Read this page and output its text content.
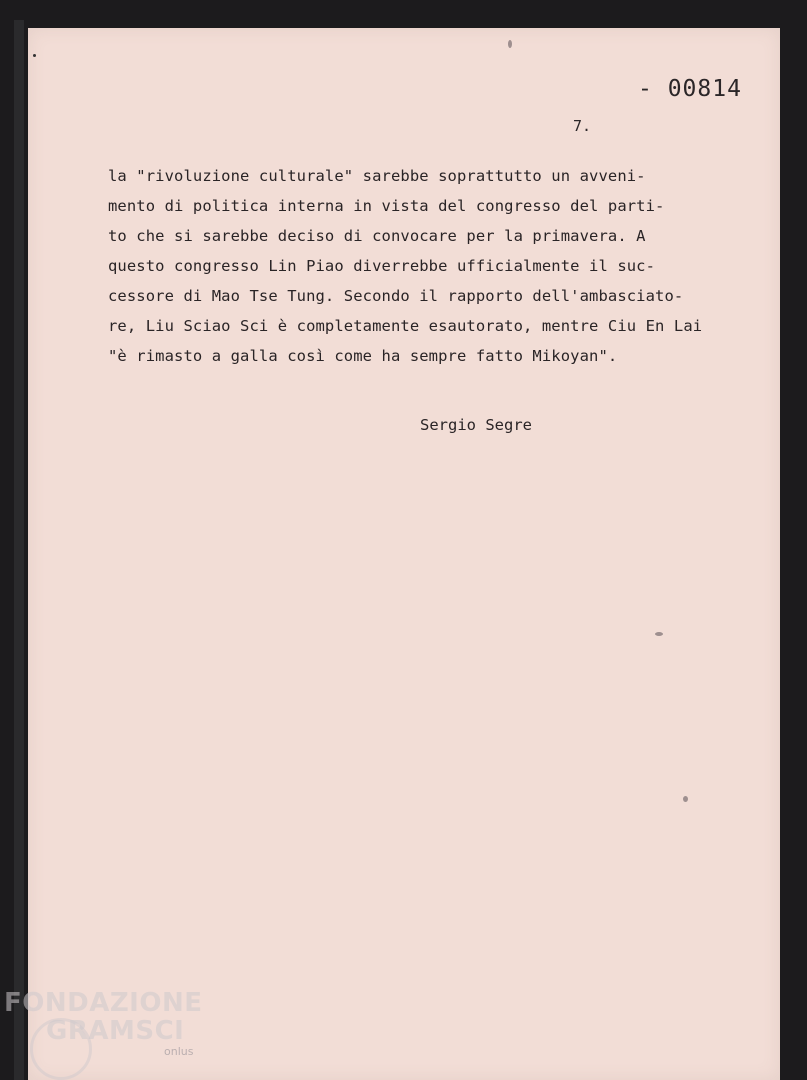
- 00814
7.
la "rivoluzione culturale" sarebbe soprattutto un avveni-
mento di politica interna in vista del congresso del parti-
to che si sarebbe deciso di convocare per la primavera. A
questo congresso Lin Piao diverrebbe ufficialmente il suc-
cessore di Mao Tse Tung. Secondo il rapporto dell'ambasciato-
re, Liu Sciao Sci è completamente esautorato, mentre Ciu En Lai
"è rimasto a galla così come ha sempre fatto Mikoyan".
Sergio Segre
FONDAZIONE
GRAMSCI
onlus
